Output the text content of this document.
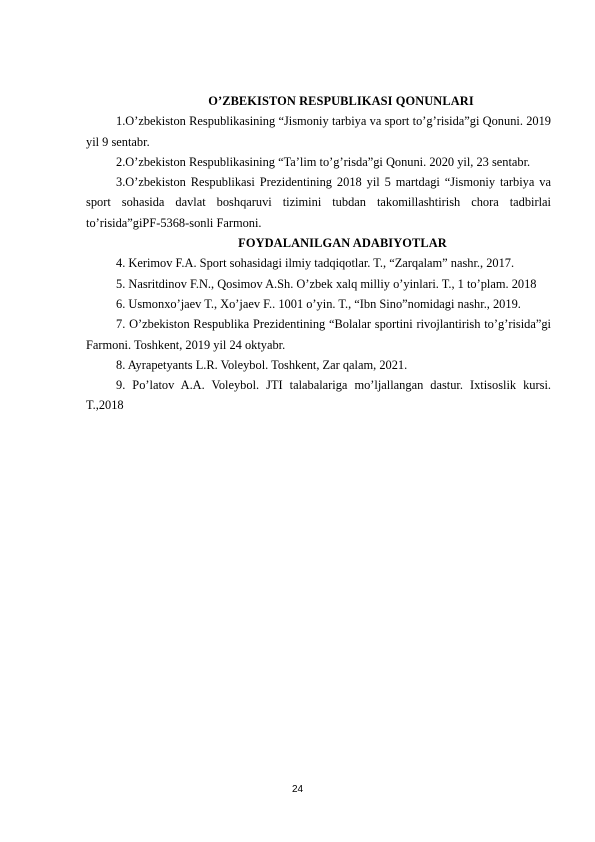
O’ZBEKISTON RESPUBLIKASI QONUNLARI

1.O’zbekiston Respublikasining “Jismoniy tarbiya va sport to’g’risida”gi Qonuni. 2019 yil 9 sentabr.

2.O’zbekiston Respublikasining “Ta’lim to’g’risda”gi Qonuni. 2020 yil, 23 sentabr.

3.O’zbekiston Respublikasi Prezidentining 2018 yil 5 martdagi “Jismoniy tarbiya va sport sohasida davlat boshqaruvi tizimini tubdan takomillashtirish chora tadbirlai to’risida”giPF-5368-sonli Farmoni.

FOYDALANILGAN ADABIYOTLAR

4. Kerimov F.A. Sport sohasidagi ilmiy tadqiqotlar. T., “Zarqalam” nashr., 2017.

5. Nasritdinov F.N., Qosimov A.Sh. O’zbek xalq milliy o’yinlari. T., 1 to’plam. 2018

6. Usmonxo’jaev T., Xo’jaev F.. 1001 o’yin. T., “Ibn Sino”nomidagi nashr., 2019.

7. O’zbekiston Respublika Prezidentining “Bolalar sportini rivojlantirish to’g’risida”gi Farmoni. Toshkent, 2019 yil 24 oktyabr.

8. Ayrapetyants L.R. Voleybol. Toshkent, Zar qalam, 2021.

9. Po’latov A.A. Voleybol. JTI talabalariga mo’ljallangan dastur. Ixtisoslik kursi. T.,2018

24
